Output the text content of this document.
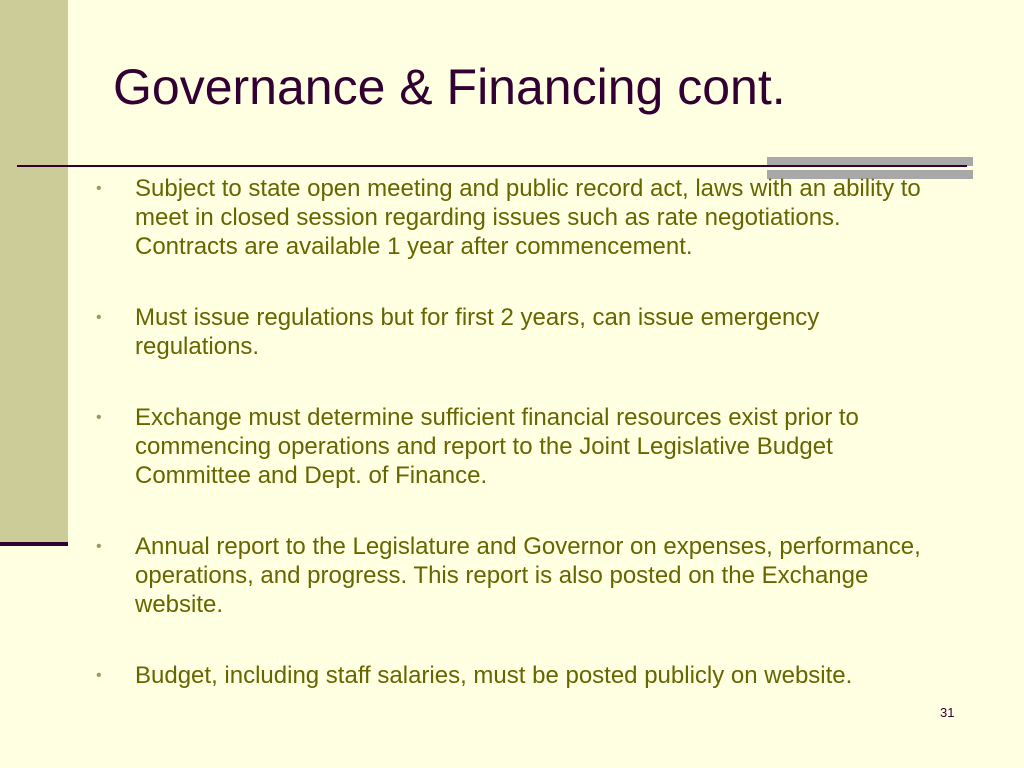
Governance & Financing cont.
• Subject to state open meeting and public record act, laws with an ability to meet in closed session regarding issues such as rate negotiations. Contracts are available 1 year after commencement.
• Must issue regulations but for first 2 years, can issue emergency regulations.
• Exchange must determine sufficient financial resources exist prior to commencing operations and report to the Joint Legislative Budget Committee and Dept. of Finance.
• Annual report to the Legislature and Governor on expenses, performance, operations, and progress. This report is also posted on the Exchange website.
• Budget, including staff salaries, must be posted publicly on website.
31
